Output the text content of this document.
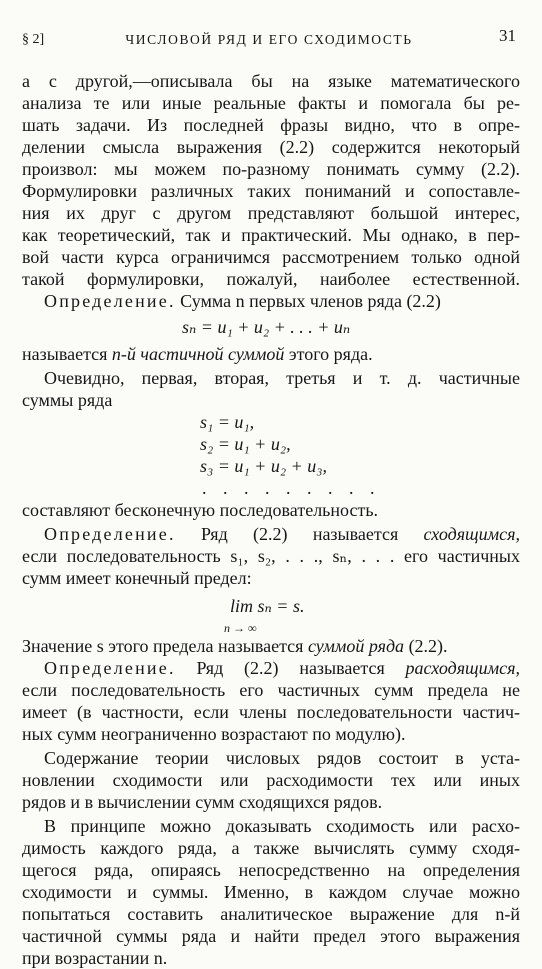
§ 2]	ЧИСЛОВОЙ РЯД И ЕГО СХОДИМОСТЬ	31
а с другой,—описывала бы на языке математического
анализа те или иные реальные факты и помогала бы ре-
шать задачи. Из последней фразы видно, что в опре-
делении смысла выражения (2.2) содержится некоторый
произвол: мы можем по-разному понимать сумму (2.2).
Формулировки различных таких пониманий и сопоставле-
ния их друг с другом представляют большой интерес,
как теоретический, так и практический. Мы однако, в пер-
вой части курса ограничимся рассмотрением только одной
такой формулировки, пожалуй, наиболее естественной.
Определение. Сумма n первых членов ряда (2.2)
sₙ = u₁ + u₂ + . . . + uₙ
называется n-й частичной суммой этого ряда.
Очевидно, первая, вторая, третья и т. д. частичные
суммы ряда
s₁ = u₁,
s₂ = u₁ + u₂,
s₃ = u₁ + u₂ + u₃,
. . . . . . . . .
составляют бесконечную последовательность.
Определение. Ряд (2.2) называется сходящимся,
если последовательность s₁, s₂, . . ., sₙ, . . . его частичных
сумм имеет конечный предел:
lim sₙ = s.
n → ∞
Значение s этого предела называется суммой ряда (2.2).
Определение. Ряд (2.2) называется расходящимся,
если последовательность его частичных сумм предела не
имеет (в частности, если члены последовательности частич-
ных сумм неограниченно возрастают по модулю).
Содержание теории числовых рядов состоит в уста-
новлении сходимости или расходимости тех или иных
рядов и в вычислении сумм сходящихся рядов.
В принципе можно доказывать сходимость или расхо-
димость каждого ряда, а также вычислять сумму сходя-
щегося ряда, опираясь непосредственно на определения
сходимости и суммы. Именно, в каждом случае можно
попытаться составить аналитическое выражение для n-й
частичной суммы ряда и найти предел этого выражения
при возрастании n.
